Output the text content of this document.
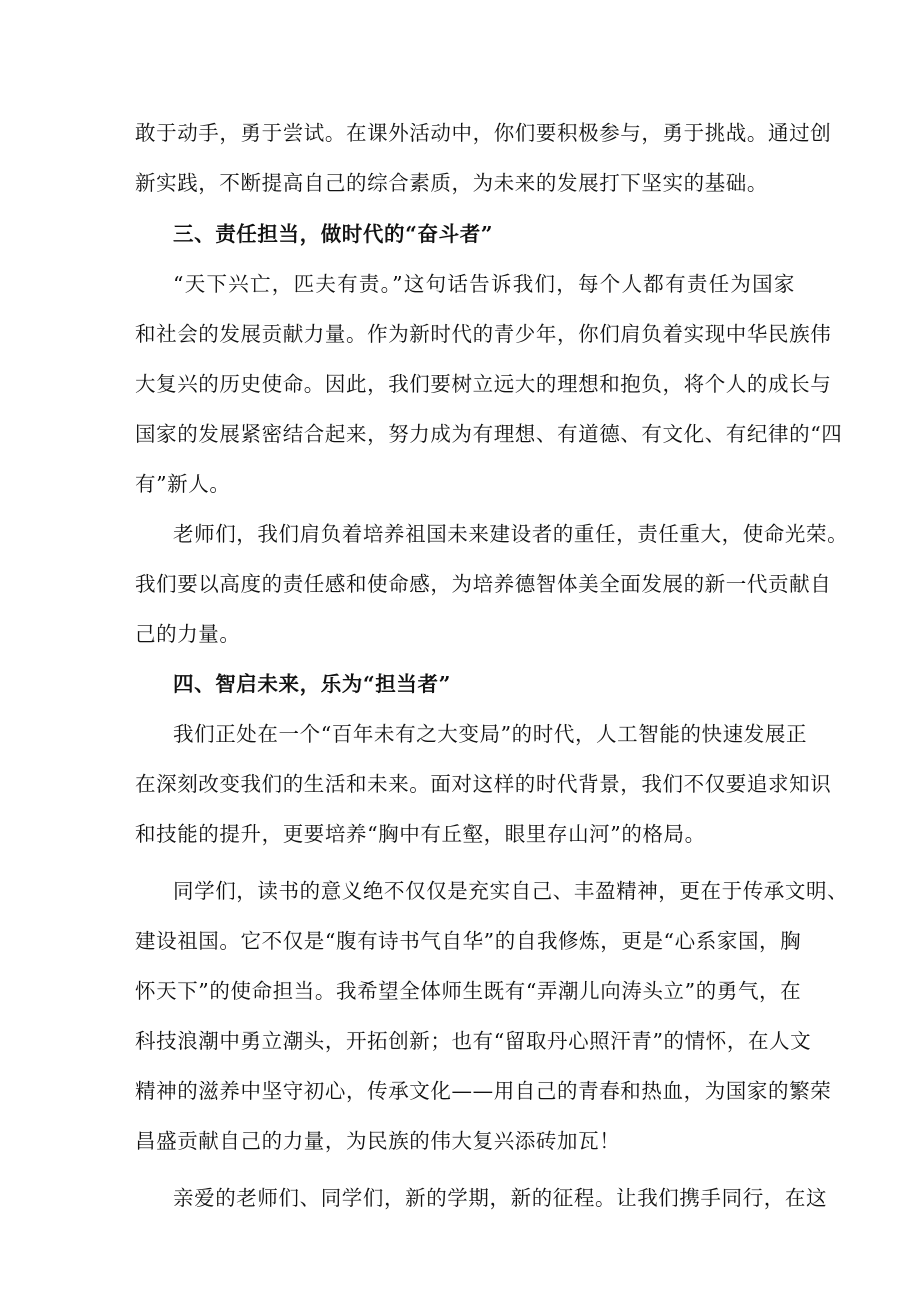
敢于动手，勇于尝试。在课外活动中，你们要积极参与，勇于挑战。通过创
新实践，不断提高自己的综合素质，为未来的发展打下坚实的基础。
三、责任担当，做时代的“奋斗者”
“天下兴亡，匹夫有责。”这句话告诉我们，每个人都有责任为国家
和社会的发展贡献力量。作为新时代的青少年，你们肩负着实现中华民族伟
大复兴的历史使命。因此，我们要树立远大的理想和抱负，将个人的成长与
国家的发展紧密结合起来，努力成为有理想、有道德、有文化、有纪律的“四
有”新人。
老师们，我们肩负着培养祖国未来建设者的重任，责任重大，使命光荣。
我们要以高度的责任感和使命感，为培养德智体美全面发展的新一代贡献自
己的力量。
四、智启未来，乐为“担当者”
我们正处在一个“百年未有之大变局”的时代，人工智能的快速发展正
在深刻改变我们的生活和未来。面对这样的时代背景，我们不仅要追求知识
和技能的提升，更要培养“胸中有丘壑，眼里存山河”的格局。
同学们，读书的意义绝不仅仅是充实自己、丰盈精神，更在于传承文明、
建设祖国。它不仅是“腹有诗书气自华”的自我修炼，更是“心系家国，胸
怀天下”的使命担当。我希望全体师生既有“弄潮儿向涛头立”的勇气，在
科技浪潮中勇立潮头，开拓创新；也有“留取丹心照汗青”的情怀，在人文
精神的滋养中坚守初心，传承文化——用自己的青春和热血，为国家的繁荣
昌盛贡献自己的力量，为民族的伟大复兴添砖加瓦！
亲爱的老师们、同学们，新的学期，新的征程。让我们携手同行，在这
